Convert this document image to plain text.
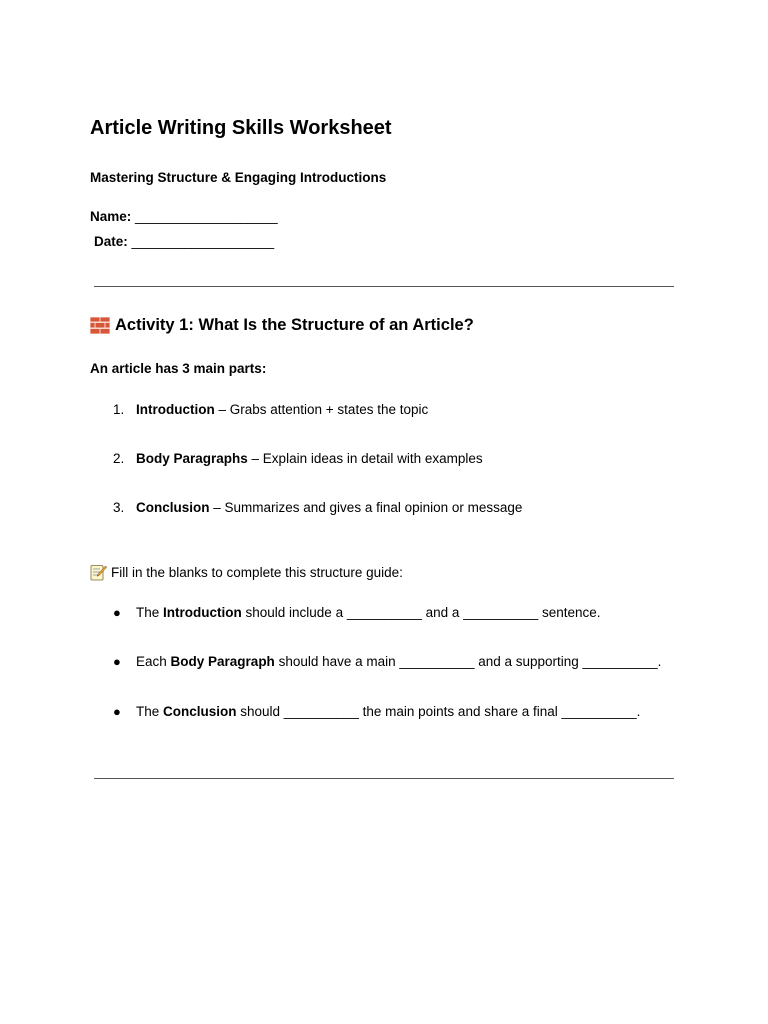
Article Writing Skills Worksheet
Mastering Structure & Engaging Introductions
Name: ___________________
Date: ___________________
Activity 1: What Is the Structure of an Article?
An article has 3 main parts:
1. Introduction – Grabs attention + states the topic
2. Body Paragraphs – Explain ideas in detail with examples
3. Conclusion – Summarizes and gives a final opinion or message
Fill in the blanks to complete this structure guide:
● The Introduction should include a __________ and a __________ sentence.
● Each Body Paragraph should have a main __________ and a supporting __________.
● The Conclusion should __________ the main points and share a final __________.
